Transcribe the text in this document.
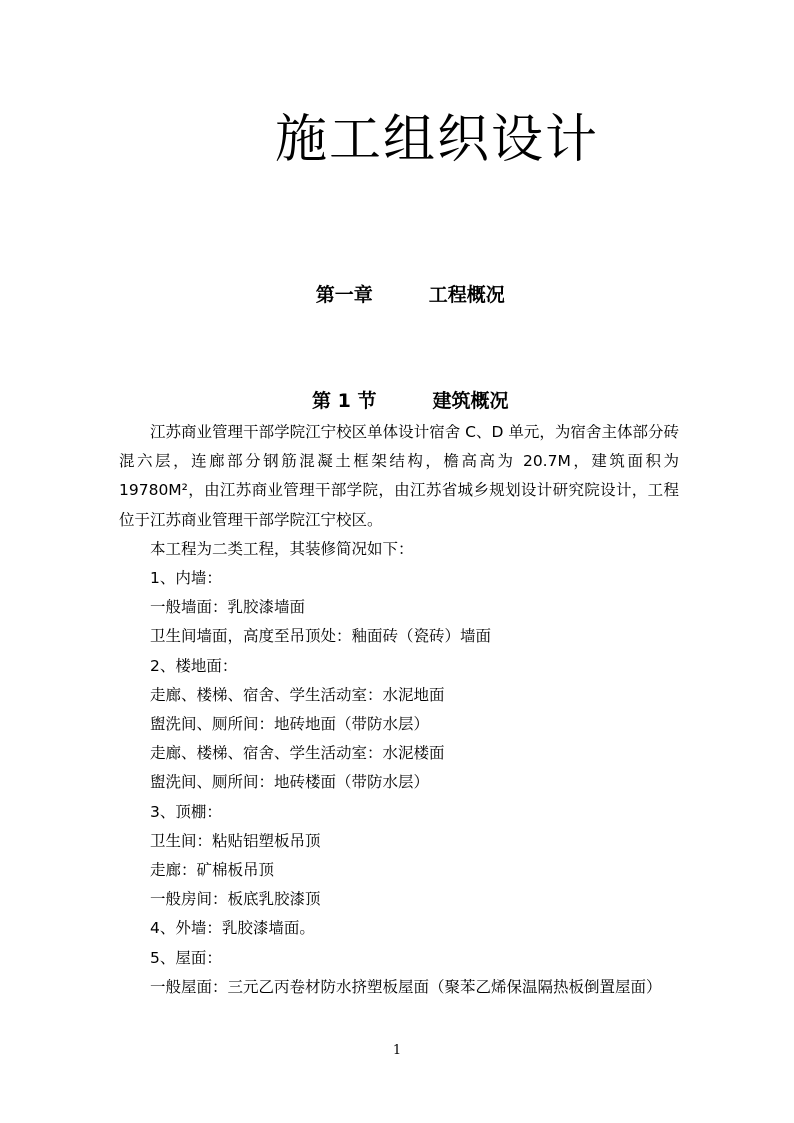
施工组织设计

第一章	工程概况

第 1 节	建筑概况

江苏商业管理干部学院江宁校区单体设计宿舍 C、D 单元，为宿舍主体部分砖混六层，连廊部分钢筋混凝土框架结构，檐高高为 20.7M，建筑面积为 19780M²，由江苏商业管理干部学院，由江苏省城乡规划设计研究院设计，工程位于江苏商业管理干部学院江宁校区。

本工程为二类工程，其装修简况如下：

1、内墙：

一般墙面：乳胶漆墙面

卫生间墙面，高度至吊顶处：釉面砖（瓷砖）墙面

2、楼地面：

走廊、楼梯、宿舍、学生活动室：水泥地面

盥洗间、厕所间：地砖地面（带防水层）

走廊、楼梯、宿舍、学生活动室：水泥楼面

盥洗间、厕所间：地砖楼面（带防水层）

3、顶棚：

卫生间：粘贴铝塑板吊顶

走廊：矿棉板吊顶

一般房间：板底乳胶漆顶

4、外墙：乳胶漆墙面。

5、屋面：

一般屋面：三元乙丙卷材防水挤塑板屋面（聚苯乙烯保温隔热板倒置屋面）

1
